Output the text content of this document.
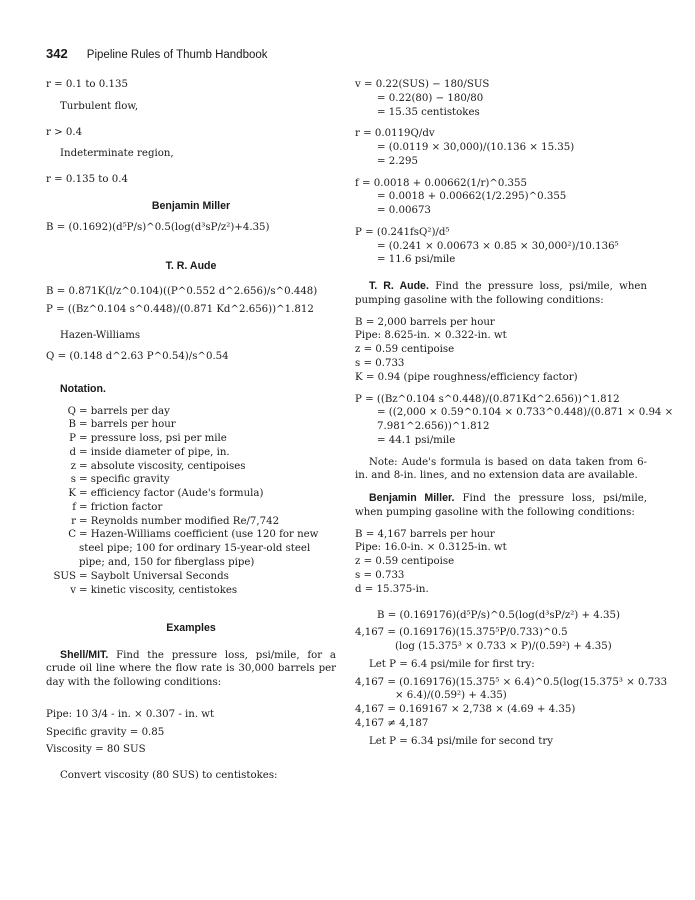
342 Pipeline Rules of Thumb Handbook
r = 0.1 to 0.135
Turbulent flow,
r > 0.4
Indeterminate region,
r = 0.135 to 0.4
Benjamin Miller
B = (0.1692)(d⁵P/s)^0.5(log(d³sP/z²)+4.35)
T. R. Aude
B = 0.871K(l/z^0.104)((P^0.552 d^2.656)/s^0.448)
P = ((Bz^0.104 s^0.448)/(0.871 Kd^2.656))^1.812
Hazen-Williams
Q = (0.148 d^2.63 P^0.54)/s^0.54
Notation.
Q = barrels per day
B = barrels per hour
P = pressure loss, psi per mile
d = inside diameter of pipe, in.
z = absolute viscosity, centipoises
s = specific gravity
K = efficiency factor (Aude's formula)
f = friction factor
r = Reynolds number modified Re/7,742
C = Hazen-Williams coefficient (use 120 for new steel pipe; 100 for ordinary 15-year-old steel pipe; and, 150 for fiberglass pipe)
SUS = Saybolt Universal Seconds
v = kinetic viscosity, centistokes
Examples
Shell/MIT. Find the pressure loss, psi/mile, for a crude oil line where the flow rate is 30,000 barrels per day with the following conditions:
Pipe: 10 3/4 - in. × 0.307 - in. wt
Specific gravity = 0.85
Viscosity = 80 SUS
Convert viscosity (80 SUS) to centistokes:
v = 0.22(SUS) − 180/SUS
= 0.22(80) − 180/80
= 15.35 centistokes
r = 0.0119Q/dv
= (0.0119 × 30,000)/(10.136 × 15.35)
= 2.295
f = 0.0018 + 0.00662(1/r)^0.355
= 0.0018 + 0.00662(1/2.295)^0.355
= 0.00673
P = (0.241fsQ²)/d⁵
= (0.241 × 0.00673 × 0.85 × 30,000²)/10.136⁵
= 11.6 psi/mile
T. R. Aude. Find the pressure loss, psi/mile, when pumping gasoline with the following conditions:
B = 2,000 barrels per hour
Pipe: 8.625-in. × 0.322-in. wt
z = 0.59 centipoise
s = 0.733
K = 0.94 (pipe roughness/efficiency factor)
P = ((Bz^0.104 s^0.448)/(0.871Kd^2.656))^1.812
= ((2,000 × 0.59^0.104 × 0.733^0.448)/(0.871 × 0.94 ×
7.981^2.656))^1.812
= 44.1 psi/mile
Note: Aude's formula is based on data taken from 6-in. and 8-in. lines, and no extension data are available.
Benjamin Miller. Find the pressure loss, psi/mile, when pumping gasoline with the following conditions:
B = 4,167 barrels per hour
Pipe: 16.0-in. × 0.3125-in. wt
z = 0.59 centipoise
s = 0.733
d = 15.375-in.
B = (0.169176)(d⁵P/s)^0.5(log(d³sP/z²) + 4.35)
4,167 = (0.169176)(15.375⁵P/0.733)^0.5
(log (15.375³ × 0.733 × P)/(0.59²) + 4.35)
Let P = 6.4 psi/mile for first try:
4,167 = (0.169176)(15.375⁵ × 6.4)^0.5(log(15.375³ × 0.733
× 6.4)/(0.59²) + 4.35)
4,167 = 0.169167 × 2,738 × (4.69 + 4.35)
4,167 ≠ 4,187
Let P = 6.34 psi/mile for second try
